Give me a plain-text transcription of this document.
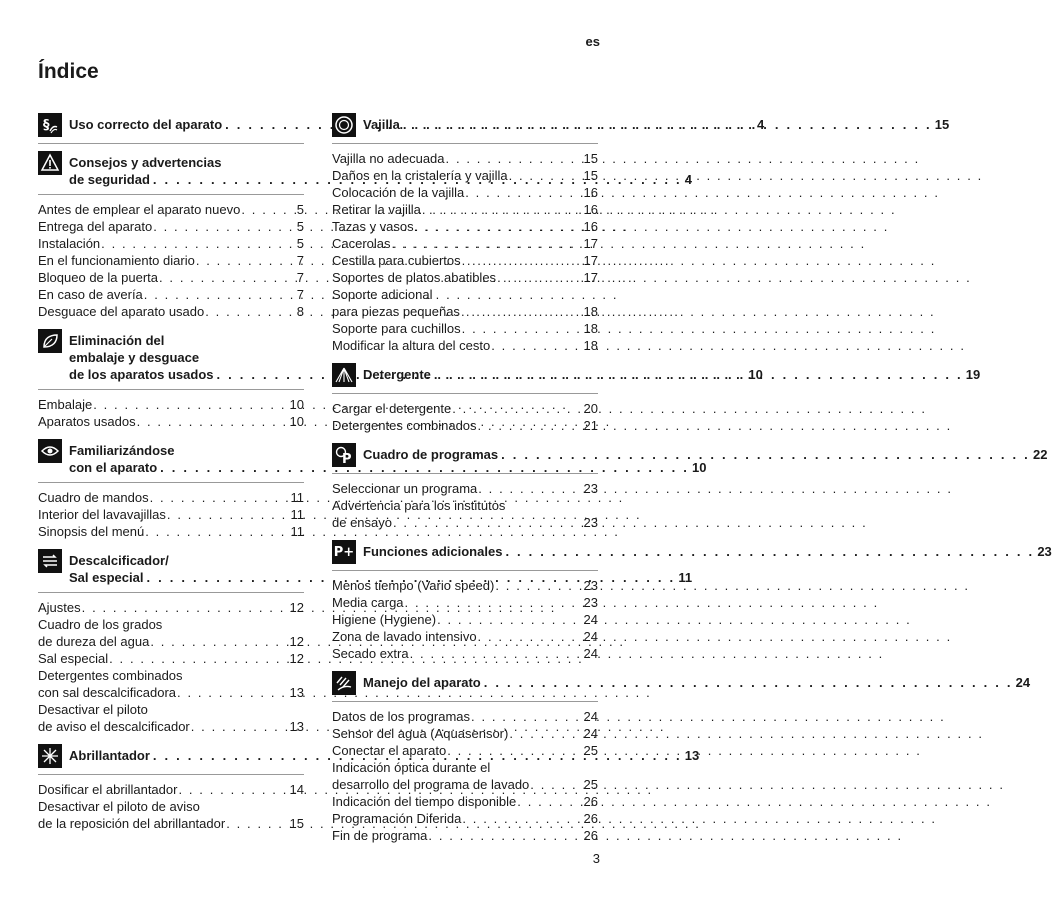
es
Índice
§ Uso correcto del aparato . . .	4
Consejos y advertencias
de seguridad . . .	4
Antes de emplear el aparato nuevo . . .	5
Entrega del aparato . . .	5
Instalación . . .	5
En el funcionamiento diario . . .	7
Bloqueo de la puerta . . .	7
En caso de avería . . .	7
Desguace del aparato usado . . .	8
Eliminación del
embalaje y desguace
de los aparatos usados . . .	10
Embalaje . . .	10
Aparatos usados . . .	10
Familiarizándose
con el aparato . . .	10
Cuadro de mandos . . .	11
Interior del lavavajillas . . .	11
Sinopsis del menú . . .	11
Descalcificador/
Sal especial . . .	11
Ajustes . . .	12
Cuadro de los grados
de dureza del agua . . .	12
Sal especial . . .	12
Detergentes combinados
con sal descalcificadora . . .	13
Desactivar el piloto
de aviso el descalcificador . . .	13
Abrillantador . . .	13
Dosificar el abrillantador . . .	14
Desactivar el piloto de aviso
de la reposición del abrillantador . . .	15
Vajilla . . .	15
Vajilla no adecuada . . .	15
Daños en la cristalería y vajilla . . .	15
Colocación de la vajilla . . .	16
Retirar la vajilla . . .	16
Tazas y vasos . . .	16
Cacerolas . . .	17
Cestilla para cubiertos . . .	17
Soportes de platos abatibles . . .	17
Soporte adicional
para piezas pequeñas . . .	18
Soporte para cuchillos . . .	18
Modificar la altura del cesto . . .	18
Detergente . . .	19
Cargar el detergente . . .	20
Detergentes combinados . . .	21
P Cuadro de programas . . .	22
Seleccionar un programa . . .	23
Advertencia para los institutos
de ensayo . . .	23
P+ Funciones adicionales . . .	23
Menos tiempo (Vario speed) . . .	23
Media carga . . .	23
Higiene (Hygiene) . . .	24
Zona de lavado intensivo . . .	24
Secado extra . . .	24
Manejo del aparato . . .	24
Datos de los programas . . .	24
Sensor del agua (Aquasensor) . . .	24
Conectar el aparato . . .	25
Indicación óptica durante el
desarrollo del programa de lavado . . .	25
Indicación del tiempo disponible . . .	26
Programación Diferida . . .	26
Fin de programa . . .	26
3
